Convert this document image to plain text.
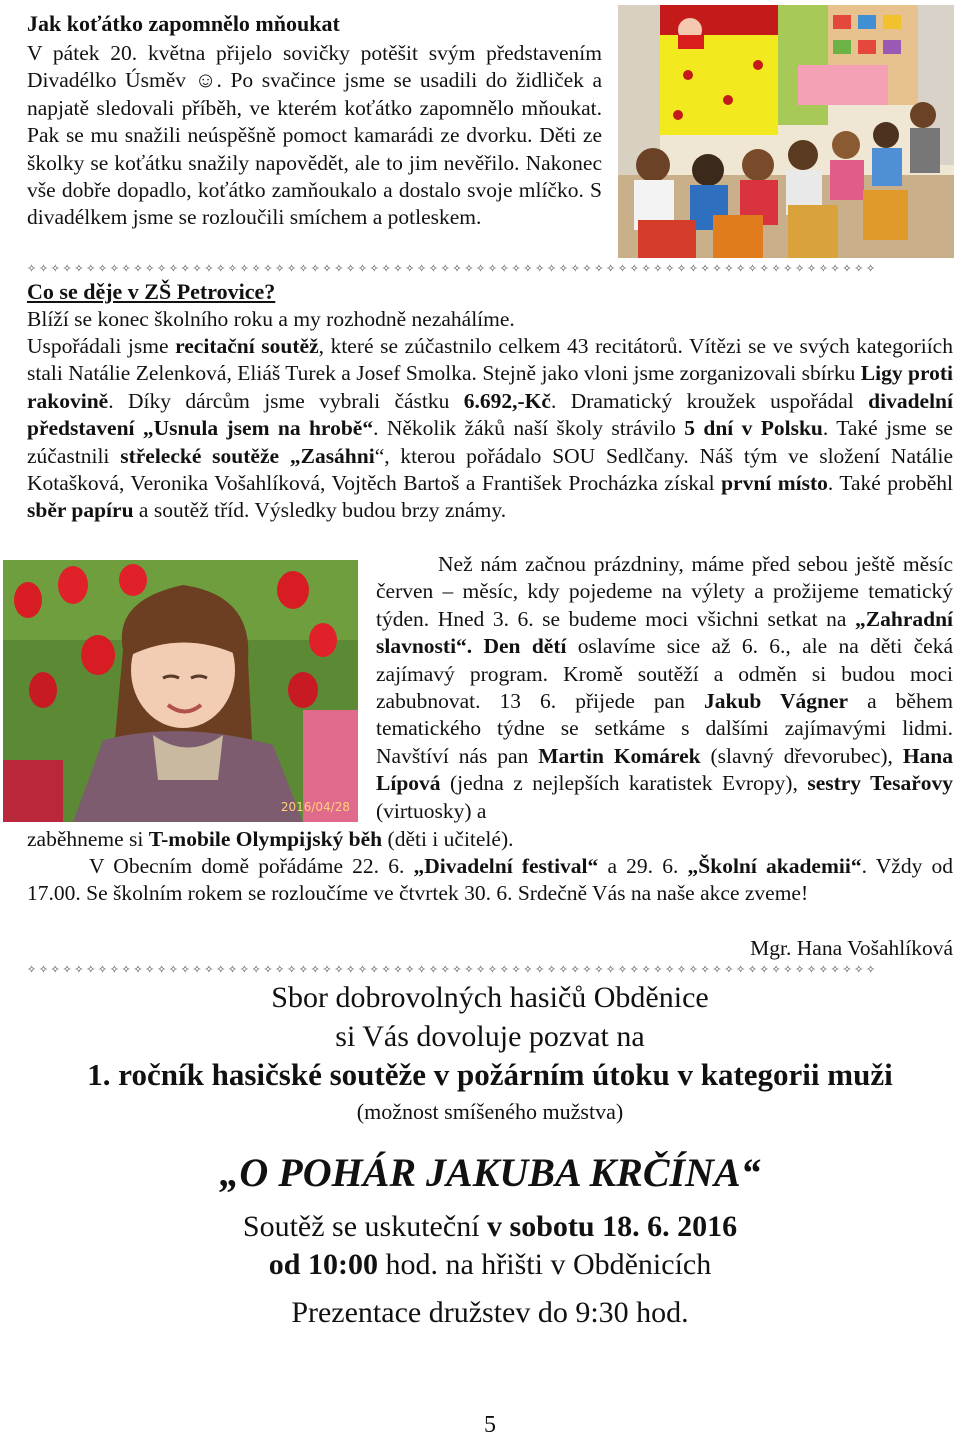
Jak koťátko zapomnělo mňoukat

V pátek 20. května přijelo sovičky potěšit svým představením Divadélko Úsměv ☺. Po svačince jsme se usadili do židliček a napjatě sledovali příběh, ve kterém koťátko zapomnělo mňoukat. Pak se mu snažili neúspěšně pomoct kamarádi ze dvorku. Děti ze školky se koťátku snažily napovědět, ale to jim nevěřilo. Nakonec vše dobře dopadlo, koťátko zamňoukalo a dostalo svoje mlíčko. S divadélkem jsme se rozloučili smíchem a potleskem.

✧✧✧✧✧✧✧✧✧✧✧✧✧✧✧✧✧✧✧✧✧✧✧✧✧✧✧✧✧✧✧✧✧✧✧✧✧✧✧✧✧✧✧✧✧✧✧✧✧✧✧✧✧✧✧✧✧✧✧✧✧✧✧✧✧✧✧✧✧✧✧✧
Co se děje v ZŠ Petrovice?

Blíží se konec školního roku a my rozhodně nezahálíme.

Uspořádali jsme recitační soutěž, které se zúčastnilo celkem 43 recitátorů. Vítězi se ve svých kategoriích stali Natálie Zelenková, Eliáš Turek a Josef Smolka. Stejně jako vloni jsme zorganizovali sbírku Ligy proti rakovině. Díky dárcům jsme vybrali částku 6.692,-Kč. Dramatický kroužek uspořádal divadelní představení „Usnula jsem na hrobě“. Několik žáků naší školy strávilo 5 dní v Polsku. Také jsme se zúčastnili střelecké soutěže „Zasáhni“, kterou pořádalo SOU Sedlčany. Náš tým ve složení Natálie Kotašková, Veronika Vošahlíková, Vojtěch Bartoš a František Procházka získal první místo. Také proběhl sběr papíru a soutěž tříd. Výsledky budou brzy známy.

2016/04/28

Než nám začnou prázdniny, máme před sebou ještě měsíc červen – měsíc, kdy pojedeme na výlety a prožijeme tematický týden. Hned 3. 6. se budeme moci všichni setkat na „Zahradní slavnosti“. Den dětí oslavíme sice až 6. 6., ale na děti čeká zajímavý program. Kromě soutěží a odměn si budou moci zabubnovat. 13 6. přijede pan Jakub Vágner a během tematického týdne se setkáme s dalšími zajímavými lidmi. Navštíví nás pan Martin Komárek (slavný dřevorubec), Hana Lípová (jedna z nejlepších karatistek Evropy), sestry Tesařovy (virtuosky) a

zaběhneme si T-mobile Olympijský běh (děti i učitelé).

V Obecním domě pořádáme 22. 6. „Divadelní festival“ a 29. 6. „Školní akademii“. Vždy od 17.00. Se školním rokem se rozloučíme ve čtvrtek 30. 6. Srdečně Vás na naše akce zveme!

Mgr. Hana Vošahlíková
✧✧✧✧✧✧✧✧✧✧✧✧✧✧✧✧✧✧✧✧✧✧✧✧✧✧✧✧✧✧✧✧✧✧✧✧✧✧✧✧✧✧✧✧✧✧✧✧✧✧✧✧✧✧✧✧✧✧✧✧✧✧✧✧✧✧✧✧✧✧✧✧

Sbor dobrovolných hasičů Obděnice

si Vás dovoluje pozvat na

1. ročník hasičské soutěže v požárním útoku v kategorii muži

(možnost smíšeného mužstva)

„O POHÁR JAKUBA KRČÍNA“

Soutěž se uskuteční v sobotu 18. 6. 2016

od 10:00 hod. na hřišti v Obděnicích

Prezentace družstev do 9:30 hod.

5
